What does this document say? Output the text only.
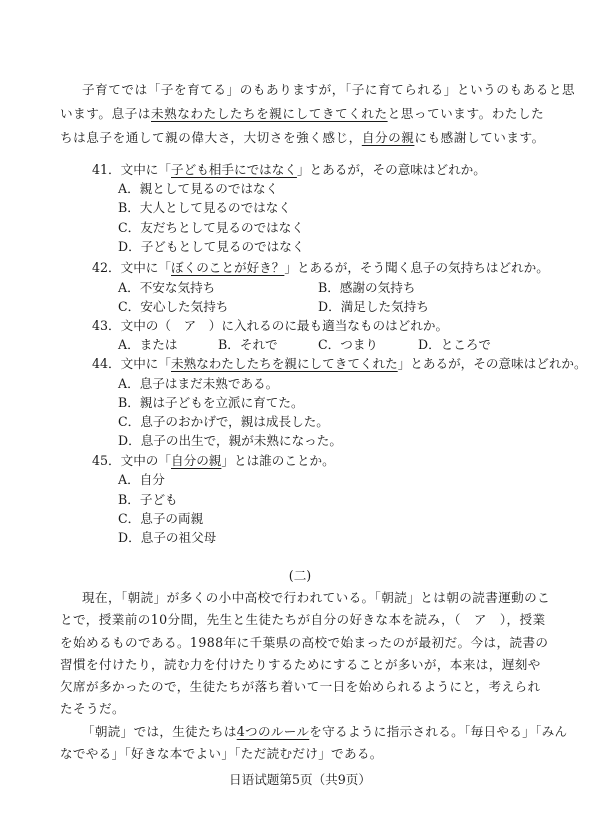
子育てでは「子を育てる」のもありますが，「子に育てられる」というのもあると思
います。息子は未熟なわたしたちを親にしてきてくれたと思っています。わたした
ちは息子を通して親の偉大さ，大切さを強く感じ，自分の親にも感謝しています。
41．文中に「子ども相手にではなく」とあるが，その意味はどれか。
A．親として見るのではなく
B．大人として見るのではなく
C．友だちとして見るのではなく
D．子どもとして見るのではなく
42．文中に「ぼくのことが好き？」とあるが，そう聞く息子の気持ちはどれか。
A．不安な気持ち	B．感謝の気持ち
C．安心した気持ち	D．満足した気持ち
43．文中の（　ア　）に入れるのに最も適当なものはどれか。
A．または	B．それで	C．つまり	D．ところで
44．文中に「未熟なわたしたちを親にしてきてくれた」とあるが，その意味はどれか。
A．息子はまだ未熟である。
B．親は子どもを立派に育てた。
C．息子のおかげで，親は成長した。
D．息子の出生で，親が未熟になった。
45．文中の「自分の親」とは誰のことか。
A．自分
B．子ども
C．息子の両親
D．息子の祖父母
(二)
現在，「朝読」が多くの小中高校で行われている。「朝読」とは朝の読書運動のこ
とで，授業前の10分間，先生と生徒たちが自分の好きな本を読み，（　ア　），授業
を始めるものである。1988年に千葉県の高校で始まったのが最初だ。今は，読書の
習慣を付けたり，読む力を付けたりするためにすることが多いが，本来は，遅刻や
欠席が多かったので，生徒たちが落ち着いて一日を始められるようにと，考えられ
たそうだ。
「朝読」では，生徒たちは4つのルールを守るように指示される。「毎日やる」「みん
なでやる」「好きな本でよい」「ただ読むだけ」である。
日语试题第5页（共9页）
